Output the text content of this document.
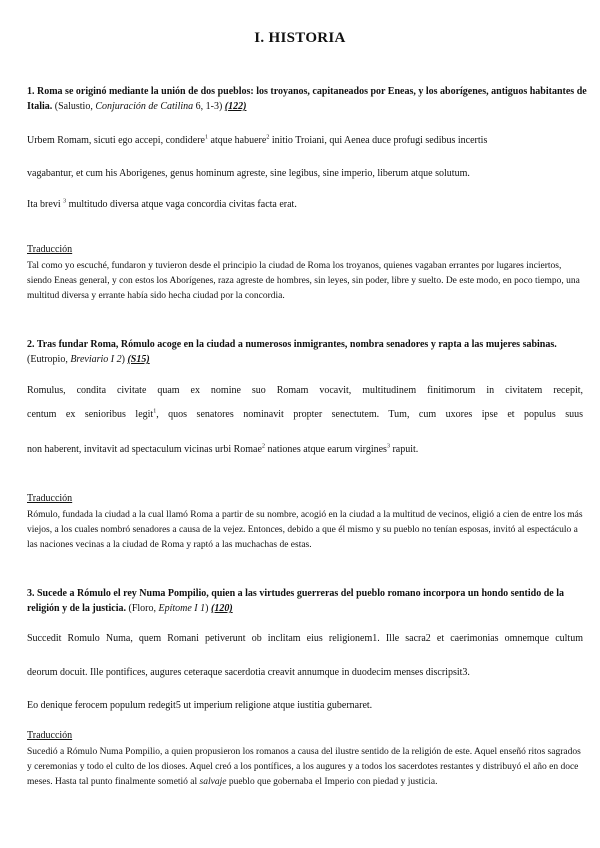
I. HISTORIA
1. Roma se originó mediante la unión de dos pueblos: los troyanos, capitaneados por Eneas, y los aborígenes, antiguos habitantes de Italia. (Salustio, Conjuración de Catilina 6, 1-3) (122)
Urbem Romam, sicuti ego accepi, condidere$^1$ atque habuere$^2$ initio Troiani, qui Aenea duce profugi sedibus incertis
vagabantur, et cum his Aborigenes, genus hominum agreste, sine legibus, sine imperio, liberum atque solutum.
Ita brevi $^3$ multitudo diversa atque vaga concordia civitas facta erat.
Traducción
Tal como yo escuché, fundaron y tuvieron desde el principio la ciudad de Roma los troyanos, quienes vagaban errantes por lugares inciertos, siendo Eneas general, y con estos los Aborígenes, raza agreste de hombres, sin leyes, sin poder, libre y suelto. De este modo, en poco tiempo, una multitud diversa y errante había sido hecha ciudad por la concordia.
2. Tras fundar Roma, Rómulo acoge en la ciudad a numerosos inmigrantes, nombra senadores y rapta a las mujeres sabinas. (Eutropio, Breviario I 2) (S15)
Romulus, condita civitate quam ex nomine suo Romam vocavit, multitudinem finitimorum in civitatem recepit,
centum ex senioribus legit$^1$, quos senatores nominavit propter senectutem. Tum, cum uxores ipse et populus suus
non haberent, invitavit ad spectaculum vicinas urbi Romae$^2$ nationes atque earum virgines$^3$ rapuit.
Traducción
Rómulo, fundada la ciudad a la cual llamó Roma a partir de su nombre, acogió en la ciudad a la multitud de vecinos, eligió a cien de entre los más viejos, a los cuales nombró senadores a causa de la vejez. Entonces, debido a que él mismo y su pueblo no tenían esposas, invitó al espectáculo a las naciones vecinas a la ciudad de Roma y raptó a las muchachas de estas.
3. Sucede a Rómulo el rey Numa Pompilio, quien a las virtudes guerreras del pueblo romano incorpora un hondo sentido de la religión y de la justicia. (Floro, Epítome I 1) (120)
Succedit Romulo Numa, quem Romani petiverunt ob inclitam eius religionem1. Ille sacra2 et caerimonias omnemque cultum
deorum docuit. Ille pontifices, augures ceteraque sacerdotia creavit annumque in duodecim menses discripsit3.
Eo denique ferocem populum redegit5 ut imperium religione atque iustitia gubernaret.
Traducción
Sucedió a Rómulo Numa Pompilio, a quien propusieron los romanos a causa del ilustre sentido de la religión de este. Aquel enseñó ritos sagrados y ceremonias y todo el culto de los dioses. Aquel creó a los pontífices, a los augures y a todos los sacerdotes restantes y distribuyó el año en doce meses. Hasta tal punto finalmente sometió al salvaje pueblo que gobernaba el Imperio con piedad y justicia.
